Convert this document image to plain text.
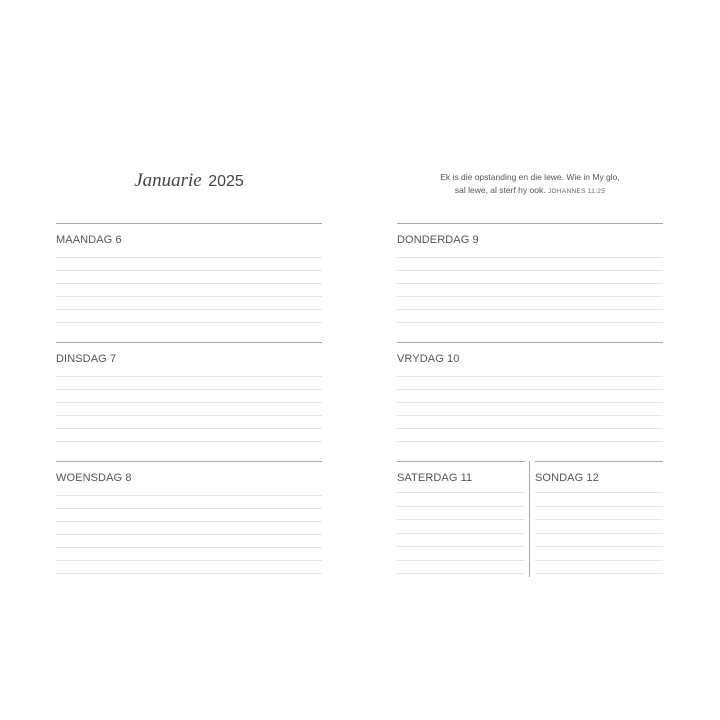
Januarie 2025	Ek is die opstanding en die lewe. Wie in My glo,
sal lewe, al sterf hy ook. JOHANNES 11:25
MAANDAG 6
DINSDAG 7
WOENSDAG 8
DONDERDAG 9
VRYDAG 10
SATERDAG 11	SONDAG 12
